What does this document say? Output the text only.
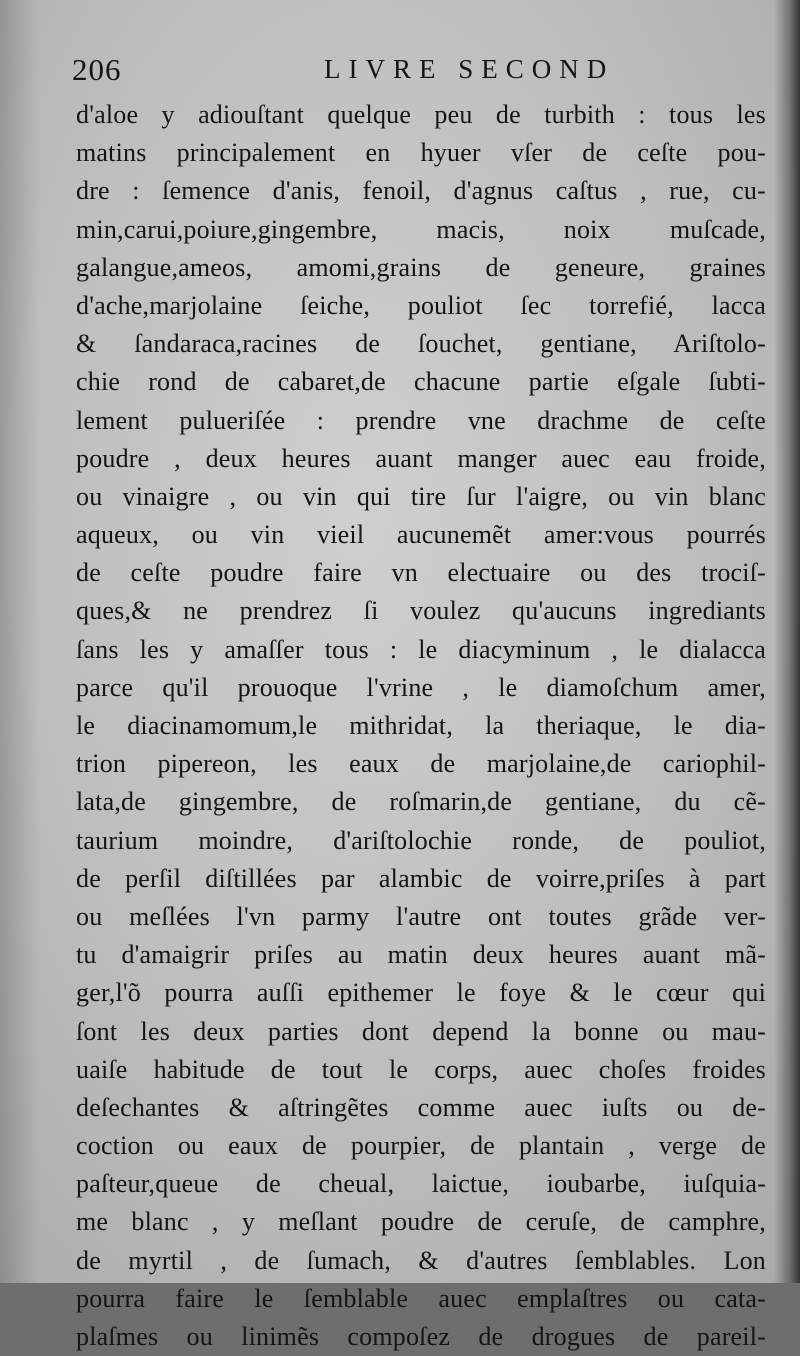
206	LIVRE SECOND
d'aloe y adiouſtant quelque peu de turbith : tous les
matins principalement en hyuer vſer de ceſte pou-
dre : ſemence d'anis, fenoil, d'agnus caſtus , rue, cu-
min,carui,poiure,gingembre, macis, noix muſcade,
galangue,ameos, amomi,grains de geneure, graines
d'ache,marjolaine ſeiche, pouliot ſec torrefié, lacca
& ſandaraca,racines de ſouchet, gentiane, Ariſtolo-
chie rond de cabaret,de chacune partie eſgale ſubti-
lement pulueriſée : prendre vne drachme de ceſte
poudre , deux heures auant manger auec eau froide,
ou vinaigre , ou vin qui tire ſur l'aigre, ou vin blanc
aqueux, ou vin vieil aucunemẽt amer:vous pourrés
de ceſte poudre faire vn electuaire ou des trociſ-
ques,& ne prendrez ſi voulez qu'aucuns ingrediants
ſans les y amaſſer tous : le diacyminum , le dialacca
parce qu'il prouoque l'vrine , le diamoſchum amer,
le diacinamomum,le mithridat, la theriaque, le dia-
trion pipereon, les eaux de marjolaine,de cariophil-
lata,de gingembre, de roſmarin,de gentiane, du cẽ-
taurium moindre, d'ariſtolochie ronde, de pouliot,
de perſil diſtillées par alambic de voirre,priſes à part
ou meſlées l'vn parmy l'autre ont toutes grãde ver-
tu d'amaigrir priſes au matin deux heures auant mã-
ger,l'õ pourra auſſi epithemer le foye & le cœur qui
ſont les deux parties dont depend la bonne ou mau-
uaiſe habitude de tout le corps, auec choſes froides
deſechantes & aſtringẽtes comme auec iuſts ou de-
coction ou eaux de pourpier, de plantain , verge de
paſteur,queue de cheual, laictue, ioubarbe, iuſquia-
me blanc , y meſlant poudre de ceruſe, de camphre,
de myrtil , de ſumach, & d'autres ſemblables. Lon
pourra faire le ſemblable auec emplaſtres ou cata-
plaſmes ou linimẽs compoſez de drogues de pareil-
